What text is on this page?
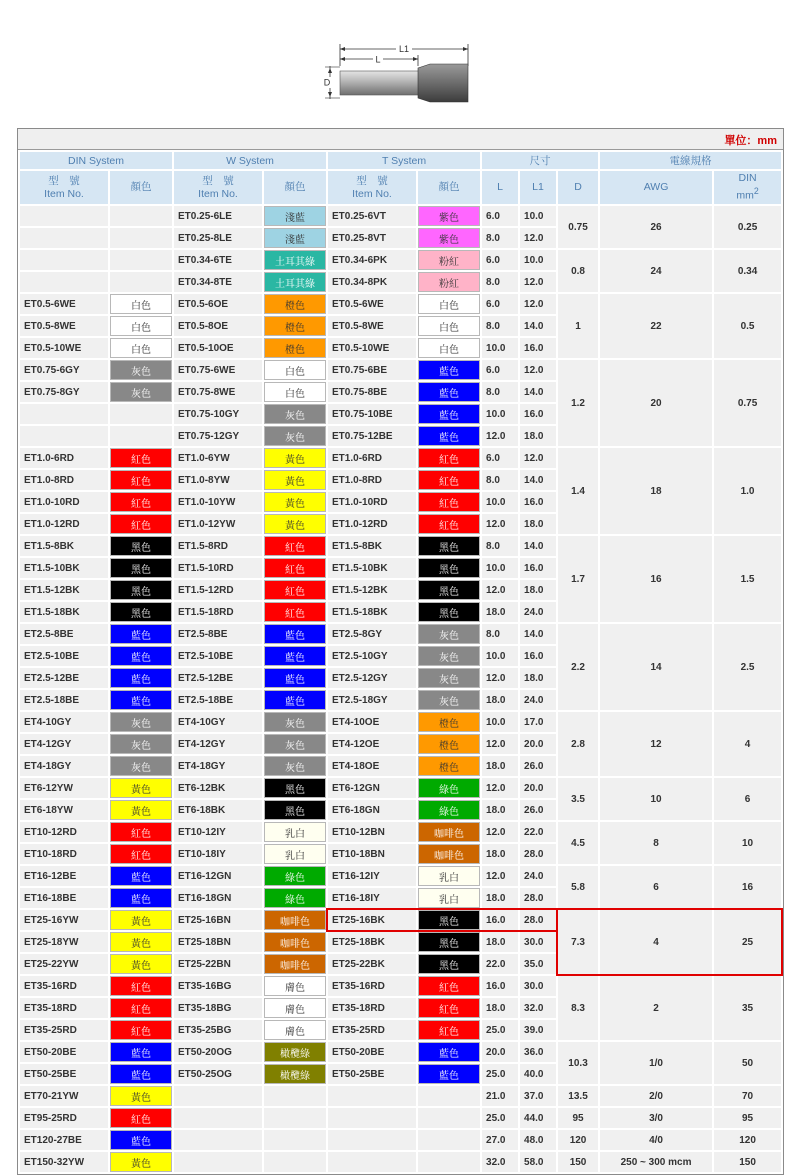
L1
L
D
單位：mm
DIN System		W System		T System		尺寸			電線規格	
型　號
Item No.	顏色	型　號
Item No.	顏色	型　號
Item No.	顏色	L	L1	D	AWG	DIN
$mm^2$
		ET0.25-6LE	淺藍	ET0.25-6VT	紫色	6.0	10.0	0.75	26	0.25
		ET0.25-8LE	淺藍	ET0.25-8VT	紫色	8.0	12.0			
		ET0.34-6TE	土耳其綠	ET0.34-6PK	粉紅	6.0	10.0	0.8	24	0.34
		ET0.34-8TE	土耳其綠	ET0.34-8PK	粉紅	8.0	12.0			
ET0.5-6WE	白色	ET0.5-6OE	橙色	ET0.5-6WE	白色	6.0	12.0	1	22	0.5
ET0.5-8WE	白色	ET0.5-8OE	橙色	ET0.5-8WE	白色	8.0	14.0			
ET0.5-10WE	白色	ET0.5-10OE	橙色	ET0.5-10WE	白色	10.0	16.0			
ET0.75-6GY	灰色	ET0.75-6WE	白色	ET0.75-6BE	藍色	6.0	12.0	1.2	20	0.75
ET0.75-8GY	灰色	ET0.75-8WE	白色	ET0.75-8BE	藍色	8.0	14.0			
		ET0.75-10GY	灰色	ET0.75-10BE	藍色	10.0	16.0			
		ET0.75-12GY	灰色	ET0.75-12BE	藍色	12.0	18.0			
ET1.0-6RD	紅色	ET1.0-6YW	黃色	ET1.0-6RD	紅色	6.0	12.0	1.4	18	1.0
ET1.0-8RD	紅色	ET1.0-8YW	黃色	ET1.0-8RD	紅色	8.0	14.0			
ET1.0-10RD	紅色	ET1.0-10YW	黃色	ET1.0-10RD	紅色	10.0	16.0			
ET1.0-12RD	紅色	ET1.0-12YW	黃色	ET1.0-12RD	紅色	12.0	18.0			
ET1.5-8BK	黑色	ET1.5-8RD	紅色	ET1.5-8BK	黑色	8.0	14.0	1.7	16	1.5
ET1.5-10BK	黑色	ET1.5-10RD	紅色	ET1.5-10BK	黑色	10.0	16.0			
ET1.5-12BK	黑色	ET1.5-12RD	紅色	ET1.5-12BK	黑色	12.0	18.0			
ET1.5-18BK	黑色	ET1.5-18RD	紅色	ET1.5-18BK	黑色	18.0	24.0			
ET2.5-8BE	藍色	ET2.5-8BE	藍色	ET2.5-8GY	灰色	8.0	14.0	2.2	14	2.5
ET2.5-10BE	藍色	ET2.5-10BE	藍色	ET2.5-10GY	灰色	10.0	16.0			
ET2.5-12BE	藍色	ET2.5-12BE	藍色	ET2.5-12GY	灰色	12.0	18.0			
ET2.5-18BE	藍色	ET2.5-18BE	藍色	ET2.5-18GY	灰色	18.0	24.0			
ET4-10GY	灰色	ET4-10GY	灰色	ET4-10OE	橙色	10.0	17.0	2.8	12	4
ET4-12GY	灰色	ET4-12GY	灰色	ET4-12OE	橙色	12.0	20.0			
ET4-18GY	灰色	ET4-18GY	灰色	ET4-18OE	橙色	18.0	26.0			
ET6-12YW	黃色	ET6-12BK	黑色	ET6-12GN	綠色	12.0	20.0	3.5	10	6
ET6-18YW	黃色	ET6-18BK	黑色	ET6-18GN	綠色	18.0	26.0			
ET10-12RD	紅色	ET10-12IY	乳白	ET10-12BN	咖啡色	12.0	22.0	4.5	8	10
ET10-18RD	紅色	ET10-18IY	乳白	ET10-18BN	咖啡色	18.0	28.0			
ET16-12BE	藍色	ET16-12GN	綠色	ET16-12IY	乳白	12.0	24.0	5.8	6	16
ET16-18BE	藍色	ET16-18GN	綠色	ET16-18IY	乳白	18.0	28.0			
ET25-16YW	黃色	ET25-16BN	咖啡色	ET25-16BK	黑色	16.0	28.0	7.3	4	25
ET25-18YW	黃色	ET25-18BN	咖啡色	ET25-18BK	黑色	18.0	30.0			
ET25-22YW	黃色	ET25-22BN	咖啡色	ET25-22BK	黑色	22.0	35.0			
ET35-16RD	紅色	ET35-16BG	膚色	ET35-16RD	紅色	16.0	30.0	8.3	2	35
ET35-18RD	紅色	ET35-18BG	膚色	ET35-18RD	紅色	18.0	32.0			
ET35-25RD	紅色	ET35-25BG	膚色	ET35-25RD	紅色	25.0	39.0			
ET50-20BE	藍色	ET50-20OG	橄欖綠	ET50-20BE	藍色	20.0	36.0	10.3	1/0	50
ET50-25BE	藍色	ET50-25OG	橄欖綠	ET50-25BE	藍色	25.0	40.0			
ET70-21YW	黃色					21.0	37.0	13.5	2/0	70
ET95-25RD	紅色					25.0	44.0	95	3/0	95
ET120-27BE	藍色					27.0	48.0	120	4/0	120
ET150-32YW	黃色					32.0	58.0	150	250 ~ 300 mcm	150
